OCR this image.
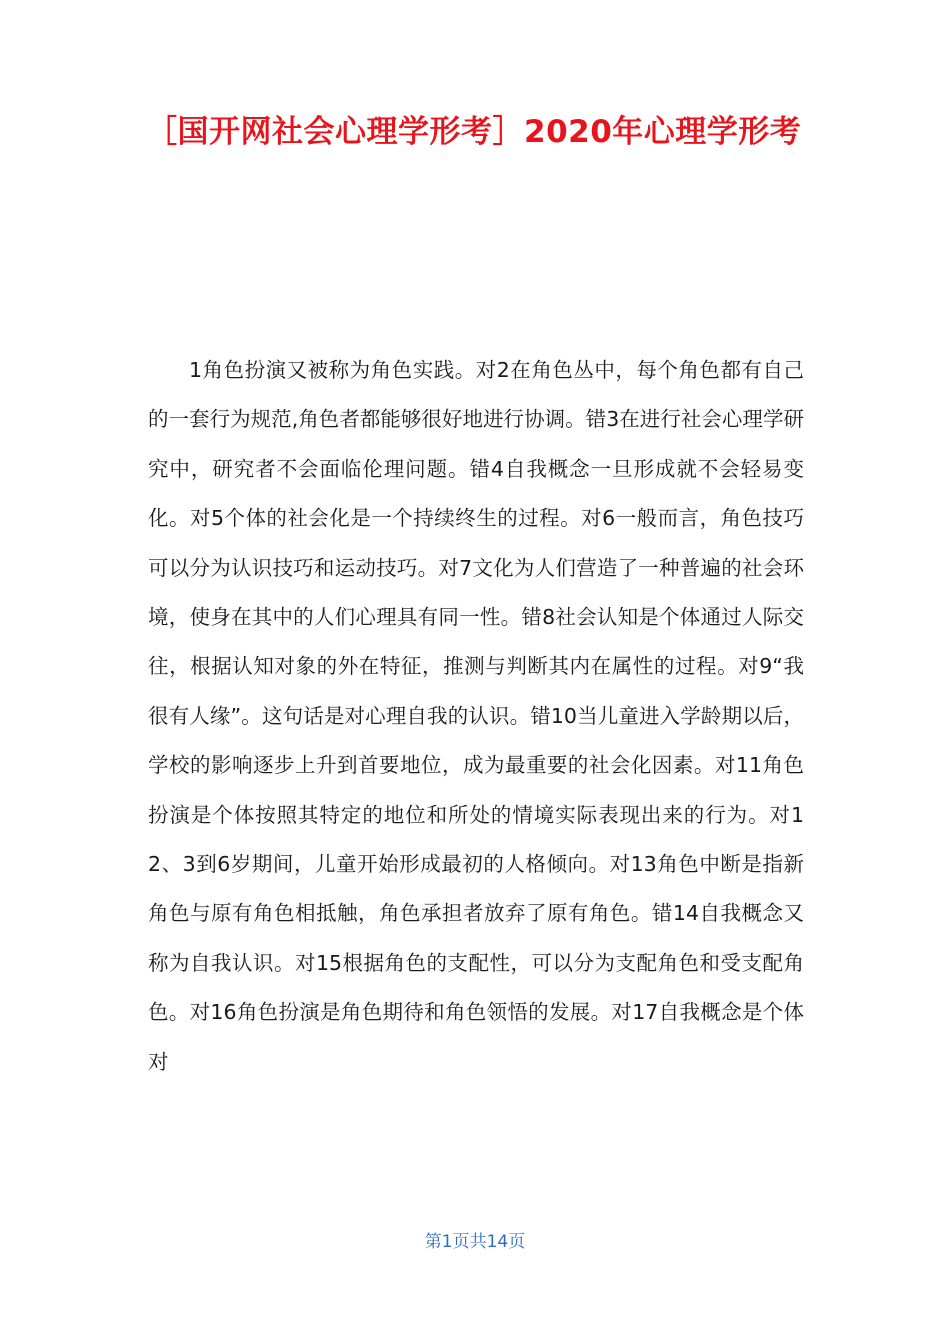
［国开网社会心理学形考］2020年心理学形考

1角色扮演又被称为角色实践。对2在角色丛中，每个角色都有自己的一套行为规范,角色者都能够很好地进行协调。错3在进行社会心理学研究中，研究者不会面临伦理问题。错4自我概念一旦形成就不会轻易变化。对5个体的社会化是一个持续终生的过程。对6一般而言，角色技巧可以分为认识技巧和运动技巧。对7文化为人们营造了一种普遍的社会环境，使身在其中的人们心理具有同一性。错8社会认知是个体通过人际交往，根据认知对象的外在特征，推测与判断其内在属性的过程。对9“我很有人缘”。这句话是对心理自我的认识。错10当儿童进入学龄期以后，学校的影响逐步上升到首要地位，成为最重要的社会化因素。对11角色扮演是个体按照其特定的地位和所处的情境实际表现出来的行为。对12、3到6岁期间，儿童开始形成最初的人格倾向。对13角色中断是指新角色与原有角色相抵触，角色承担者放弃了原有角色。错14自我概念又称为自我认识。对15根据角色的支配性，可以分为支配角色和受支配角色。对16角色扮演是角色期待和角色领悟的发展。对17自我概念是个体对

第1页共14页
